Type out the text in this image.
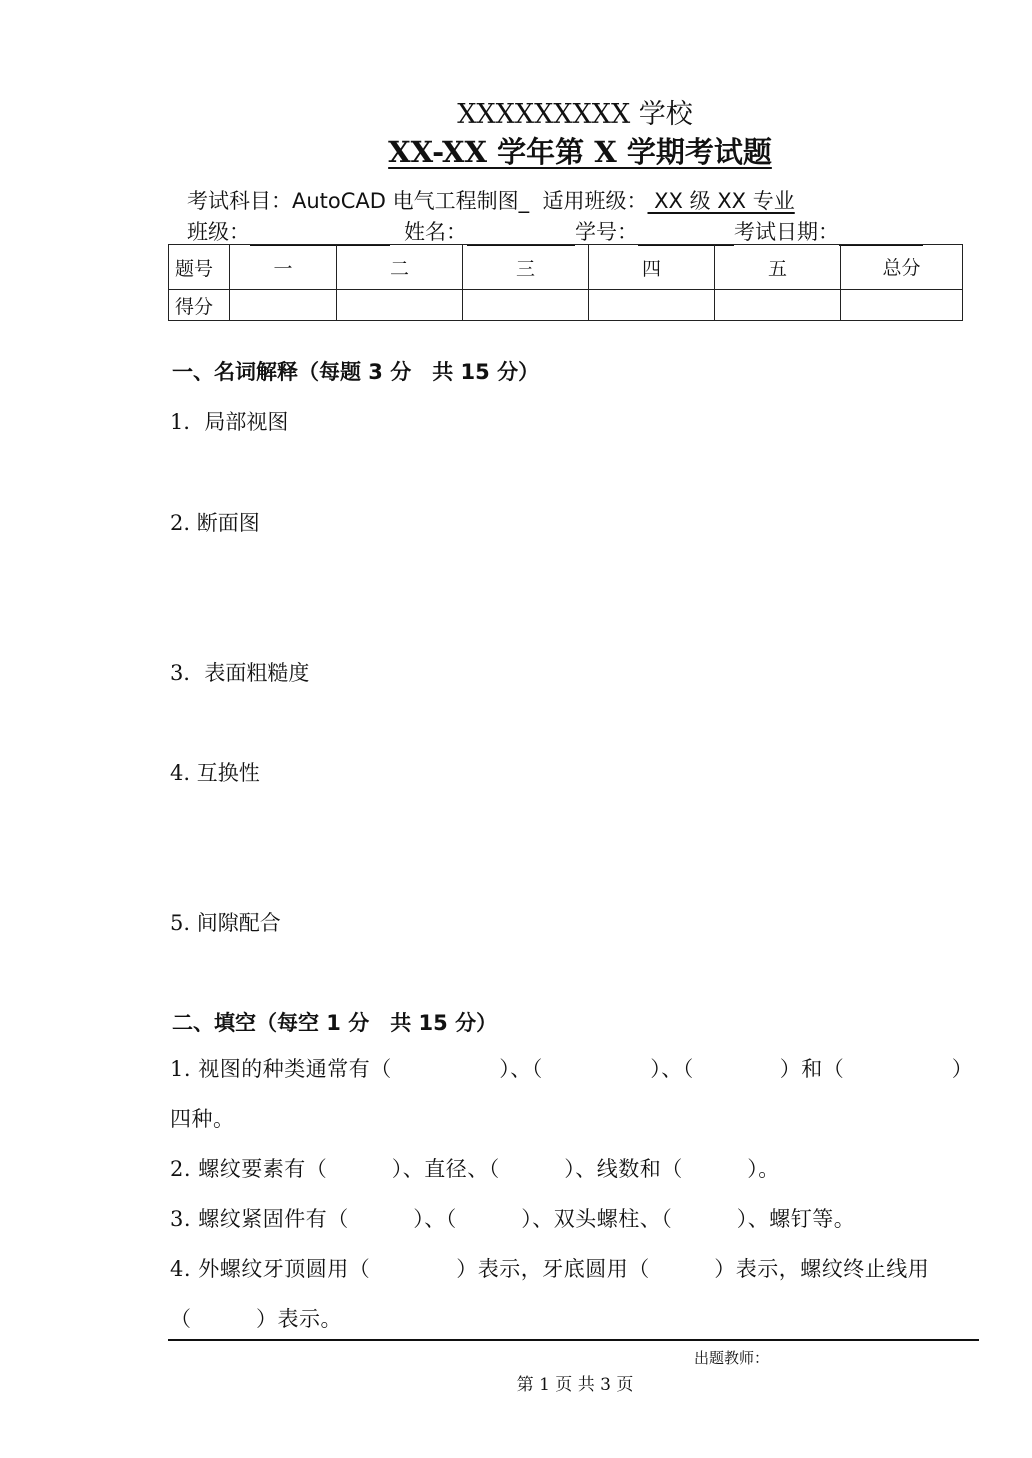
XXXXXXXXX 学校
XX-XX 学年第 X 学期考试题
考试科目：AutoCAD 电气工程制图_ 适用班级： XX 级 XX 专业
班级：	姓名：	学号：	考试日期：
题号	一	二	三	四	五	总分
得分						
一、名词解释（每题 3 分　共 15 分）
1．局部视图
2. 断面图
3．表面粗糙度
4. 互换性
5. 间隙配合
二、填空（每空 1 分　共 15 分）
1. 视图的种类通常有（　　　　　）、（　　　　　）、（　　　　）和（　　　　　）四种。
2. 螺纹要素有（　　　）、直径、（　　　）、线数和（　　　）。
3. 螺纹紧固件有（　　　）、（　　　）、双头螺柱、（　　　）、螺钉等。
4. 外螺纹牙顶圆用（　　　　）表示，牙底圆用（　　　）表示，螺纹终止线用（　　　）表示。
出题教师：
第 1 页 共 3 页
